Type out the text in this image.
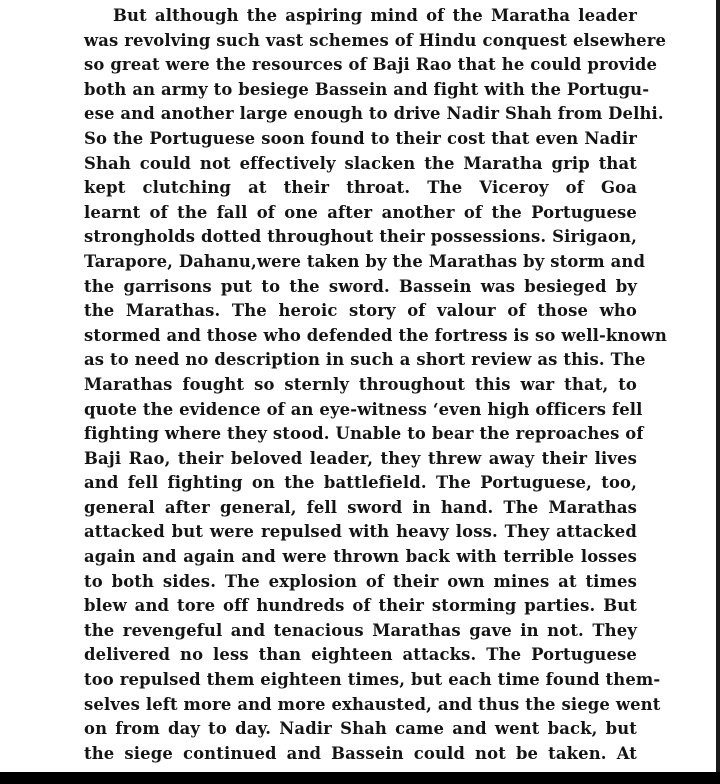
But although the aspiring mind of the Maratha leader
was revolving such vast schemes of Hindu conquest elsewhere
so great were the resources of Baji Rao that he could provide
both an army to besiege Bassein and fight with the Portugu-
ese and another large enough to drive Nadir Shah from Delhi.
So the Portuguese soon found to their cost that even Nadir
Shah could not effectively slacken the Maratha grip that
kept clutching at their throat. The Viceroy of Goa
learnt of the fall of one after another of the Portuguese
strongholds dotted throughout their possessions. Sirigaon,
Tarapore, Dahanu,were taken by the Marathas by storm and
the garrisons put to the sword. Bassein was besieged by
the Marathas. The heroic story of valour of those who
stormed and those who defended the fortress is so well-known
as to need no description in such a short review as this. The
Marathas fought so sternly throughout this war that, to
quote the evidence of an eye-witness ‘even high officers fell
fighting where they stood. Unable to bear the reproaches of
Baji Rao, their beloved leader, they threw away their lives
and fell fighting on the battlefield. The Portuguese, too,
general after general, fell sword in hand. The Marathas
attacked but were repulsed with heavy loss. They attacked
again and again and were thrown back with terrible losses
to both sides. The explosion of their own mines at times
blew and tore off hundreds of their storming parties. But
the revengeful and tenacious Marathas gave in not. They
delivered no less than eighteen attacks. The Portuguese
too repulsed them eighteen times, but each time found them-
selves left more and more exhausted, and thus the siege went
on from day to day. Nadir Shah came and went back, but
the siege continued and Bassein could not be taken. At
